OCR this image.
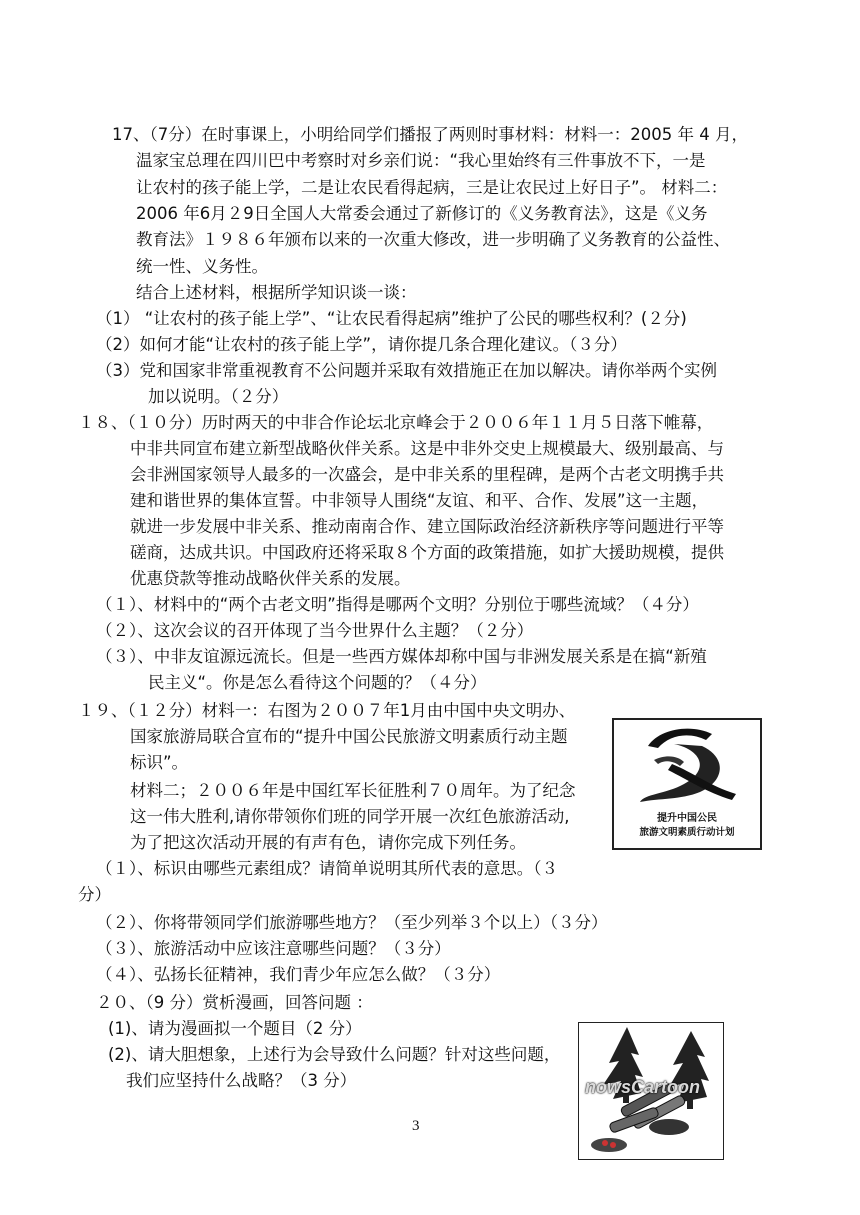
17、（7分）在时事课上，小明给同学们播报了两则时事材料：材料一：2005 年 4 月，
温家宝总理在四川巴中考察时对乡亲们说：“我心里始终有三件事放不下，一是
让农村的孩子能上学，二是让农民看得起病，三是让农民过上好日子”。 材料二：
2006 年6月２9日全国人大常委会通过了新修订的《义务教育法》，这是《义务
教育法》１９８６年颁布以来的一次重大修改，进一步明确了义务教育的公益性、
统一性、义务性。
结合上述材料，根据所学知识谈一谈：
（1） “让农村的孩子能上学”、“让农民看得起病”维护了公民的哪些权利？(２分)
（2）如何才能“让农村的孩子能上学”，请你提几条合理化建议。（３分）
（3）党和国家非常重视教育不公问题并采取有效措施正在加以解决。请你举两个实例
加以说明。（２分）
１８、（１０分）历时两天的中非合作论坛北京峰会于２００６年１１月５日落下帷幕，
中非共同宣布建立新型战略伙伴关系。这是中非外交史上规模最大、级别最高、与
会非洲国家领导人最多的一次盛会，是中非关系的里程碑，是两个古老文明携手共
建和谐世界的集体宣誓。中非领导人围绕“友谊、和平、合作、发展”这一主题，
就进一步发展中非关系、推动南南合作、建立国际政治经济新秩序等问题进行平等
磋商，达成共识。中国政府还将采取８个方面的政策措施，如扩大援助规模，提供
优惠贷款等推动战略伙伴关系的发展。
（１）、材料中的“两个古老文明”指得是哪两个文明？分别位于哪些流域？（４分）
（２）、这次会议的召开体现了当今世界什么主题？（２分）
（３）、中非友谊源远流长。但是一些西方媒体却称中国与非洲发展关系是在搞“新殖
民主义“。你是怎么看待这个问题的？（４分）
１９、（１２分）材料一：右图为２００７年1月由中国中央文明办、
国家旅游局联合宣布的“提升中国公民旅游文明素质行动主题
标识”。
材料二；２００６年是中国红军长征胜利７０周年。为了纪念
这一伟大胜利,请你带领你们班的同学开展一次红色旅游活动,
为了把这次活动开展的有声有色，请你完成下列任务。
（１）、标识由哪些元素组成？请简单说明其所代表的意思。（３
分）
（２）、你将带领同学们旅游哪些地方？（至少列举３个以上）（３分）
（３）、旅游活动中应该注意哪些问题？（３分）
（４）、弘扬长征精神，我们青少年应怎么做？（３分）
提升中国公民
旅游文明素质行动计划
２０、（9 分）赏析漫画，回答问题 ：
(1)、请为漫画拟一个题目（2 分）
(2)、请大胆想象，上述行为会导致什么问题？针对这些问题，
我们应坚持什么战略？（3 分）	nowsCartoon
3
